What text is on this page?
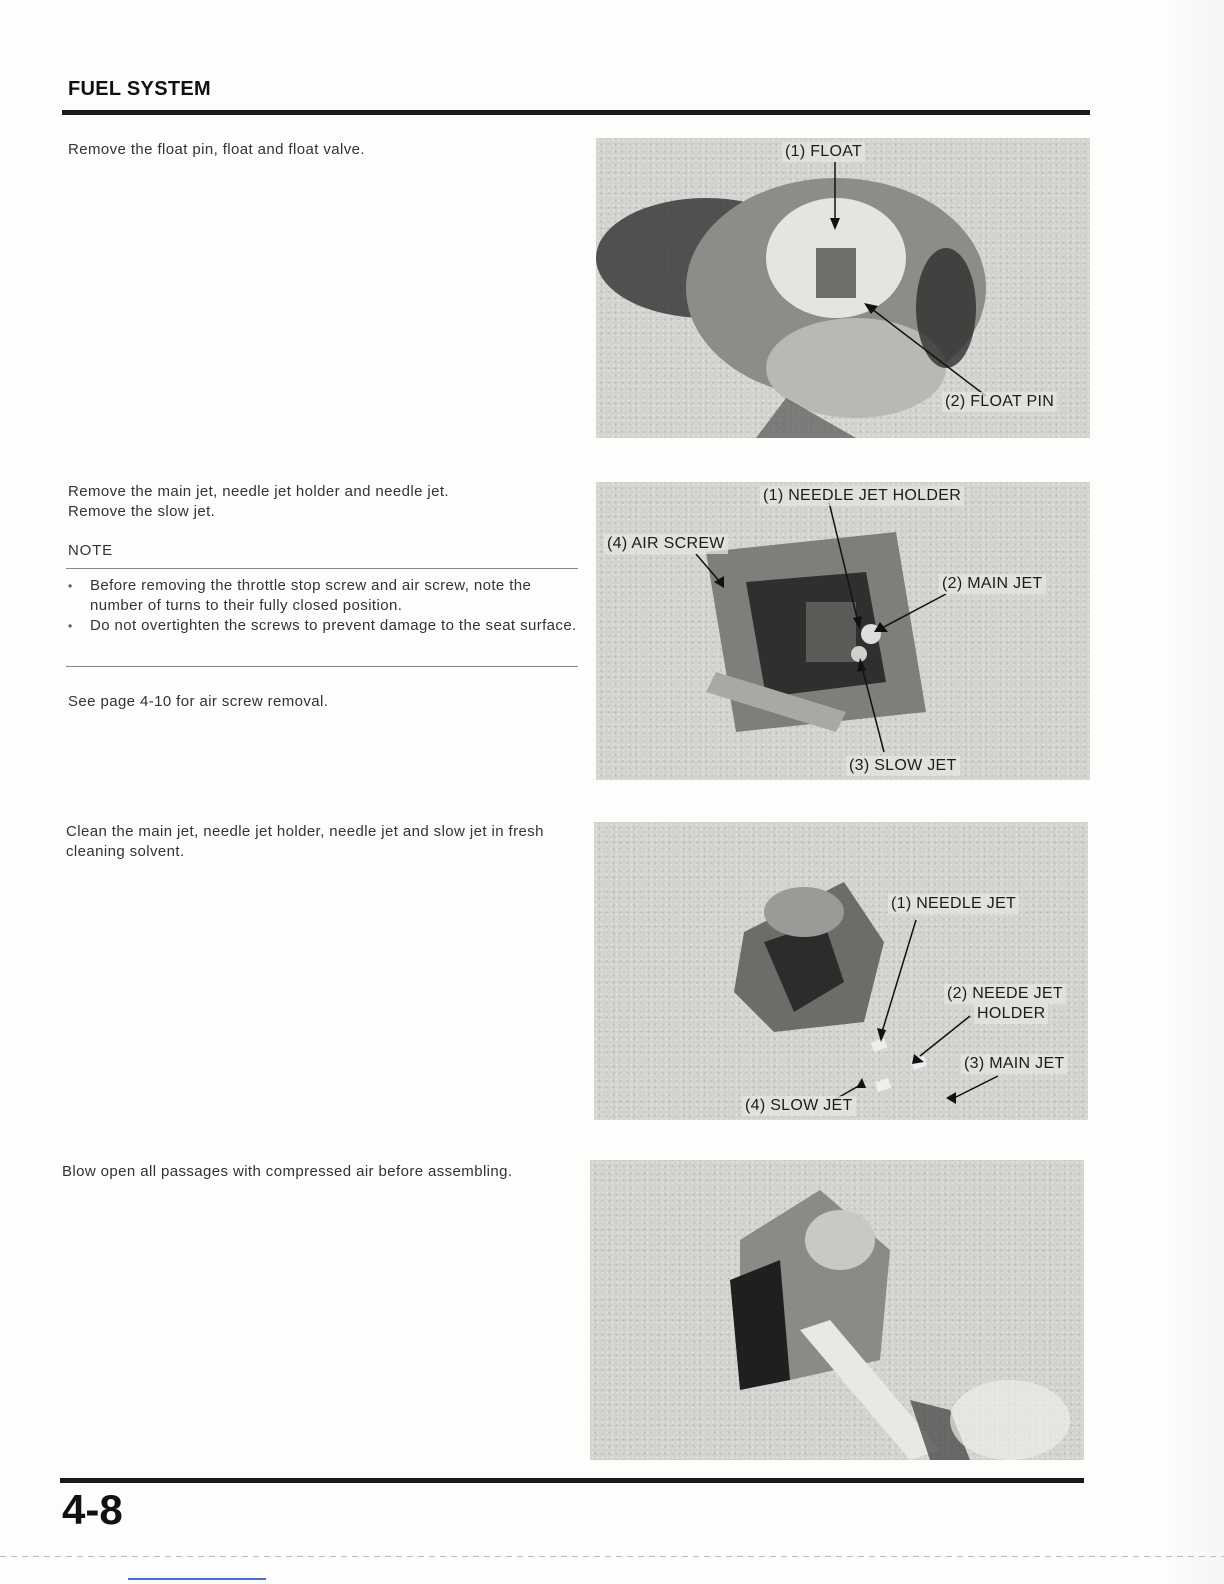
FUEL SYSTEM
Remove the float pin, float and float valve.	(1) FLOAT
(2) FLOAT PIN
Remove the main jet, needle jet holder and needle jet.
Remove the slow jet.
NOTE
• Before removing the throttle stop screw and air screw, note the number of turns to their fully closed position.
• Do not overtighten the screws to prevent damage to the seat surface.
See page 4-10 for air screw removal.
(1) NEEDLE JET HOLDER
(2) MAIN JET
(3) SLOW JET
(4) AIR SCREW
Clean the main jet, needle jet holder, needle jet and slow jet in fresh cleaning solvent.
(1) NEEDLE JET
(2) NEEDE JET
HOLDER
(3) MAIN JET
(4) SLOW JET
Blow open all passages with compressed air before assembling.
4-8
